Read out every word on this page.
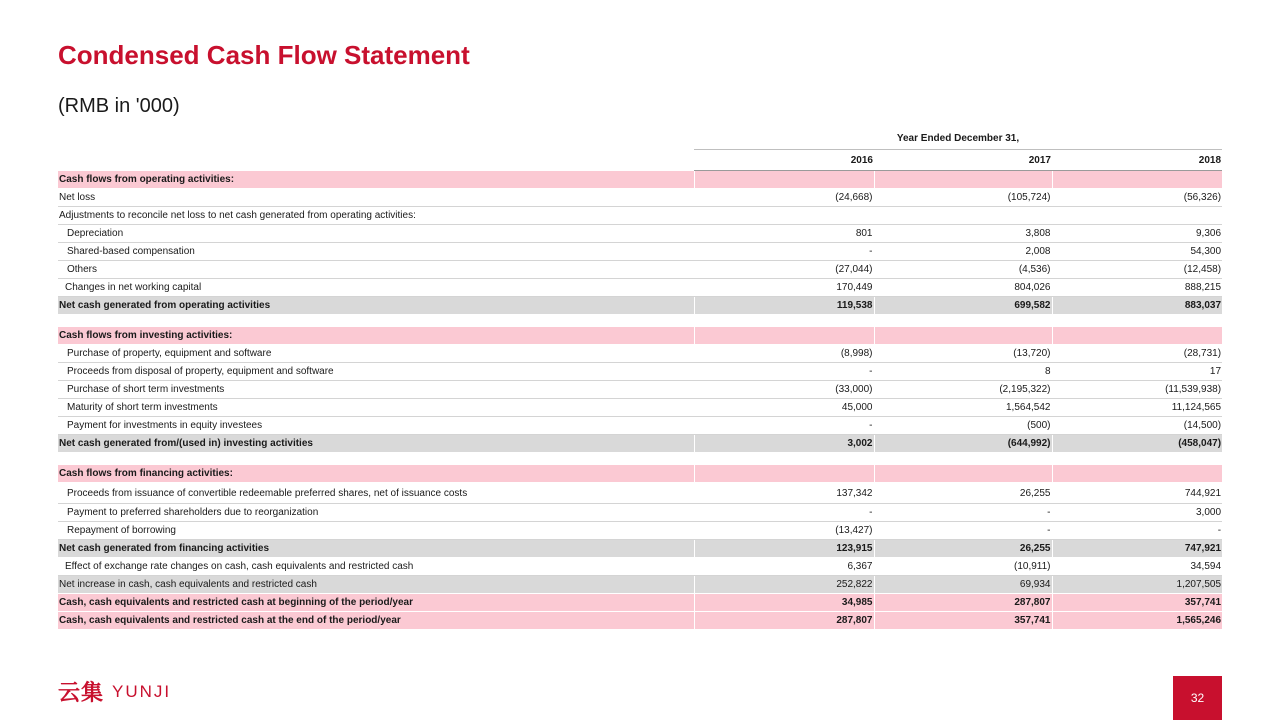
Condensed Cash Flow Statement
(RMB in '000)
	Year Ended December 31,		
	2016	2017	2018
Cash flows from operating activities:			
Net loss	(24,668)	(105,724)	(56,326)
Adjustments to reconcile net loss to net cash generated from operating activities:			
Depreciation	801	3,808	9,306
Shared-based compensation	-	2,008	54,300
Others	(27,044)	(4,536)	(12,458)
Changes in net working capital	170,449	804,026	888,215
Net cash generated from operating activities	119,538	699,582	883,037

Cash flows from investing activities:			
Purchase of property, equipment and software	(8,998)	(13,720)	(28,731)
Proceeds from disposal of property, equipment and software	-	8	17
Purchase of short term investments	(33,000)	(2,195,322)	(11,539,938)
Maturity of short term investments	45,000	1,564,542	11,124,565
Payment for investments in equity investees	-	(500)	(14,500)
Net cash generated from/(used in) investing activities	3,002	(644,992)	(458,047)

Cash flows from financing activities:			
Proceeds from issuance of convertible redeemable preferred shares, net of issuance costs	137,342	26,255	744,921
Payment to preferred shareholders due to reorganization	-	-	3,000
Repayment of borrowing	(13,427)	-	-
Net cash generated from financing activities	123,915	26,255	747,921
Effect of exchange rate changes on cash, cash equivalents and restricted cash	6,367	(10,911)	34,594
Net increase in cash, cash equivalents and restricted cash	252,822	69,934	1,207,505
Cash, cash equivalents and restricted cash at beginning of the period/year	34,985	287,807	357,741
Cash, cash equivalents and restricted cash at the end of the period/year	287,807	357,741	1,565,246
云集 YUNJI	32
